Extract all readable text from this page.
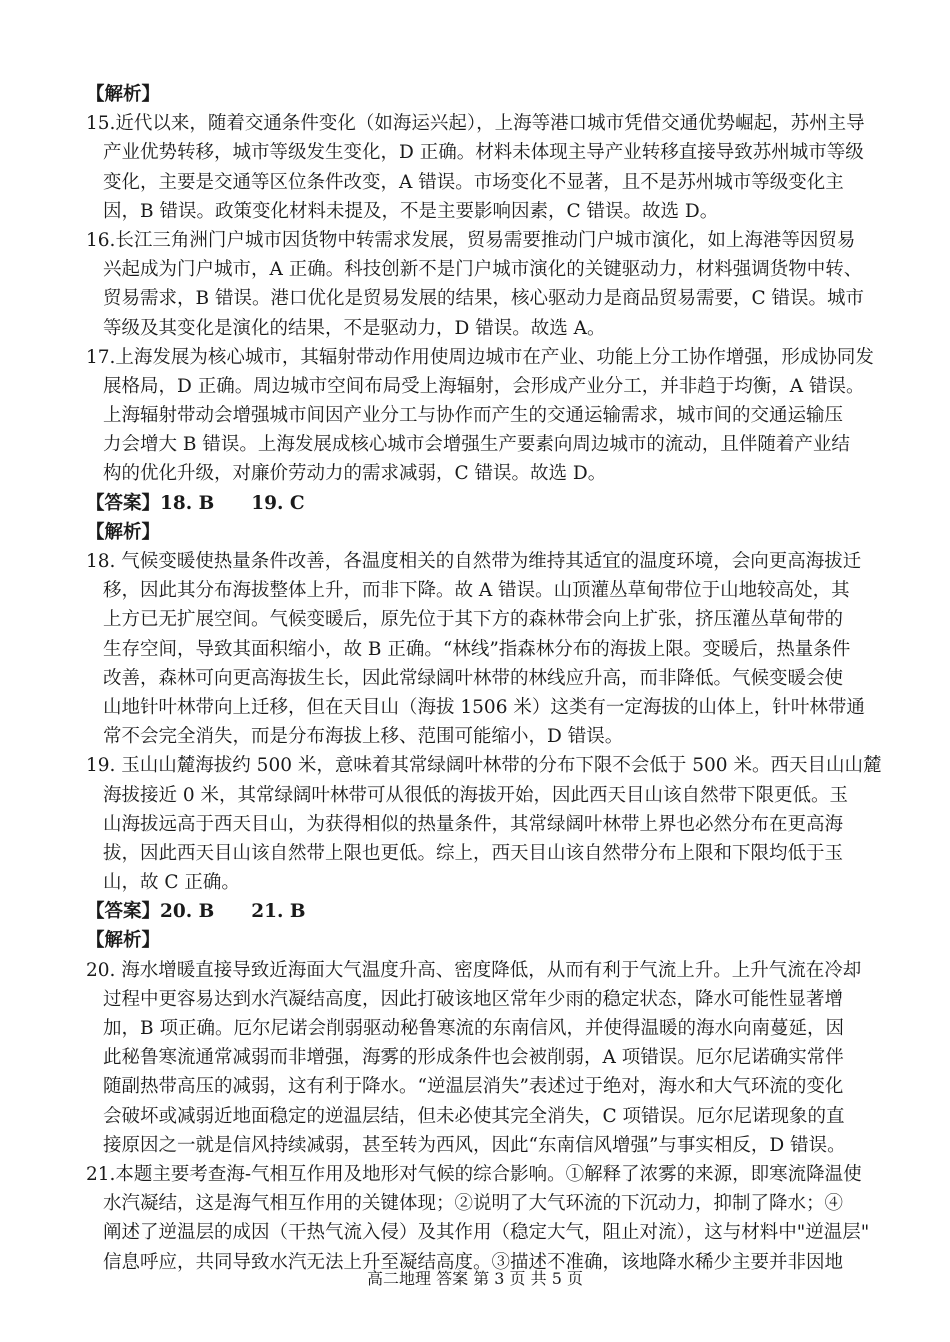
【解析】
15.近代以来，随着交通条件变化（如海运兴起），上海等港口城市凭借交通优势崛起，苏州主导
产业优势转移，城市等级发生变化，D 正确。材料未体现主导产业转移直接导致苏州城市等级
变化，主要是交通等区位条件改变，A 错误。市场变化不显著，且不是苏州城市等级变化主
因，B 错误。政策变化材料未提及，不是主要影响因素，C 错误。故选 D。
16.长江三角洲门户城市因货物中转需求发展，贸易需要推动门户城市演化，如上海港等因贸易
兴起成为门户城市，A 正确。科技创新不是门户城市演化的关键驱动力，材料强调货物中转、
贸易需求，B 错误。港口优化是贸易发展的结果，核心驱动力是商品贸易需要，C 错误。城市
等级及其变化是演化的结果，不是驱动力，D 错误。故选 A。
17.上海发展为核心城市，其辐射带动作用使周边城市在产业、功能上分工协作增强，形成协同发
展格局，D 正确。周边城市空间布局受上海辐射，会形成产业分工，并非趋于均衡，A 错误。
上海辐射带动会增强城市间因产业分工与协作而产生的交通运输需求，城市间的交通运输压
力会增大 B 错误。上海发展成核心城市会增强生产要素向周边城市的流动，且伴随着产业结
构的优化升级，对廉价劳动力的需求减弱，C 错误。故选 D。
【答案】18. B　　19. C
【解析】
18. 气候变暖使热量条件改善，各温度相关的自然带为维持其适宜的温度环境，会向更高海拔迁
移，因此其分布海拔整体上升，而非下降。故 A 错误。山顶灌丛草甸带位于山地较高处，其
上方已无扩展空间。气候变暖后，原先位于其下方的森林带会向上扩张，挤压灌丛草甸带的
生存空间，导致其面积缩小，故 B 正确。“林线”指森林分布的海拔上限。变暖后，热量条件
改善，森林可向更高海拔生长，因此常绿阔叶林带的林线应升高，而非降低。气候变暖会使
山地针叶林带向上迁移，但在天目山（海拔 1506 米）这类有一定海拔的山体上，针叶林带通
常不会完全消失，而是分布海拔上移、范围可能缩小，D 错误。
19. 玉山山麓海拔约 500 米，意味着其常绿阔叶林带的分布下限不会低于 500 米。西天目山山麓
海拔接近 0 米，其常绿阔叶林带可从很低的海拔开始，因此西天目山该自然带下限更低。玉
山海拔远高于西天目山，为获得相似的热量条件，其常绿阔叶林带上界也必然分布在更高海
拔，因此西天目山该自然带上限也更低。综上，西天目山该自然带分布上限和下限均低于玉
山，故 C 正确。
【答案】20. B　　21. B
【解析】
20. 海水增暖直接导致近海面大气温度升高、密度降低，从而有利于气流上升。上升气流在冷却
过程中更容易达到水汽凝结高度，因此打破该地区常年少雨的稳定状态，降水可能性显著增
加，B 项正确。厄尔尼诺会削弱驱动秘鲁寒流的东南信风，并使得温暖的海水向南蔓延，因
此秘鲁寒流通常减弱而非增强，海雾的形成条件也会被削弱，A 项错误。厄尔尼诺确实常伴
随副热带高压的减弱，这有利于降水。“逆温层消失”表述过于绝对，海水和大气环流的变化
会破坏或减弱近地面稳定的逆温层结，但未必使其完全消失，C 项错误。厄尔尼诺现象的直
接原因之一就是信风持续减弱，甚至转为西风，因此“东南信风增强”与事实相反，D 错误。
21.本题主要考查海-气相互作用及地形对气候的综合影响。①解释了浓雾的来源，即寒流降温使
水汽凝结，这是海气相互作用的关键体现；②说明了大气环流的下沉动力，抑制了降水；④
阐述了逆温层的成因（干热气流入侵）及其作用（稳定大气，阻止对流），这与材料中"逆温层"
信息呼应，共同导致水汽无法上升至凝结高度。③描述不准确，该地降水稀少主要并非因地
高二地理 答案 第 3 页 共 5 页
